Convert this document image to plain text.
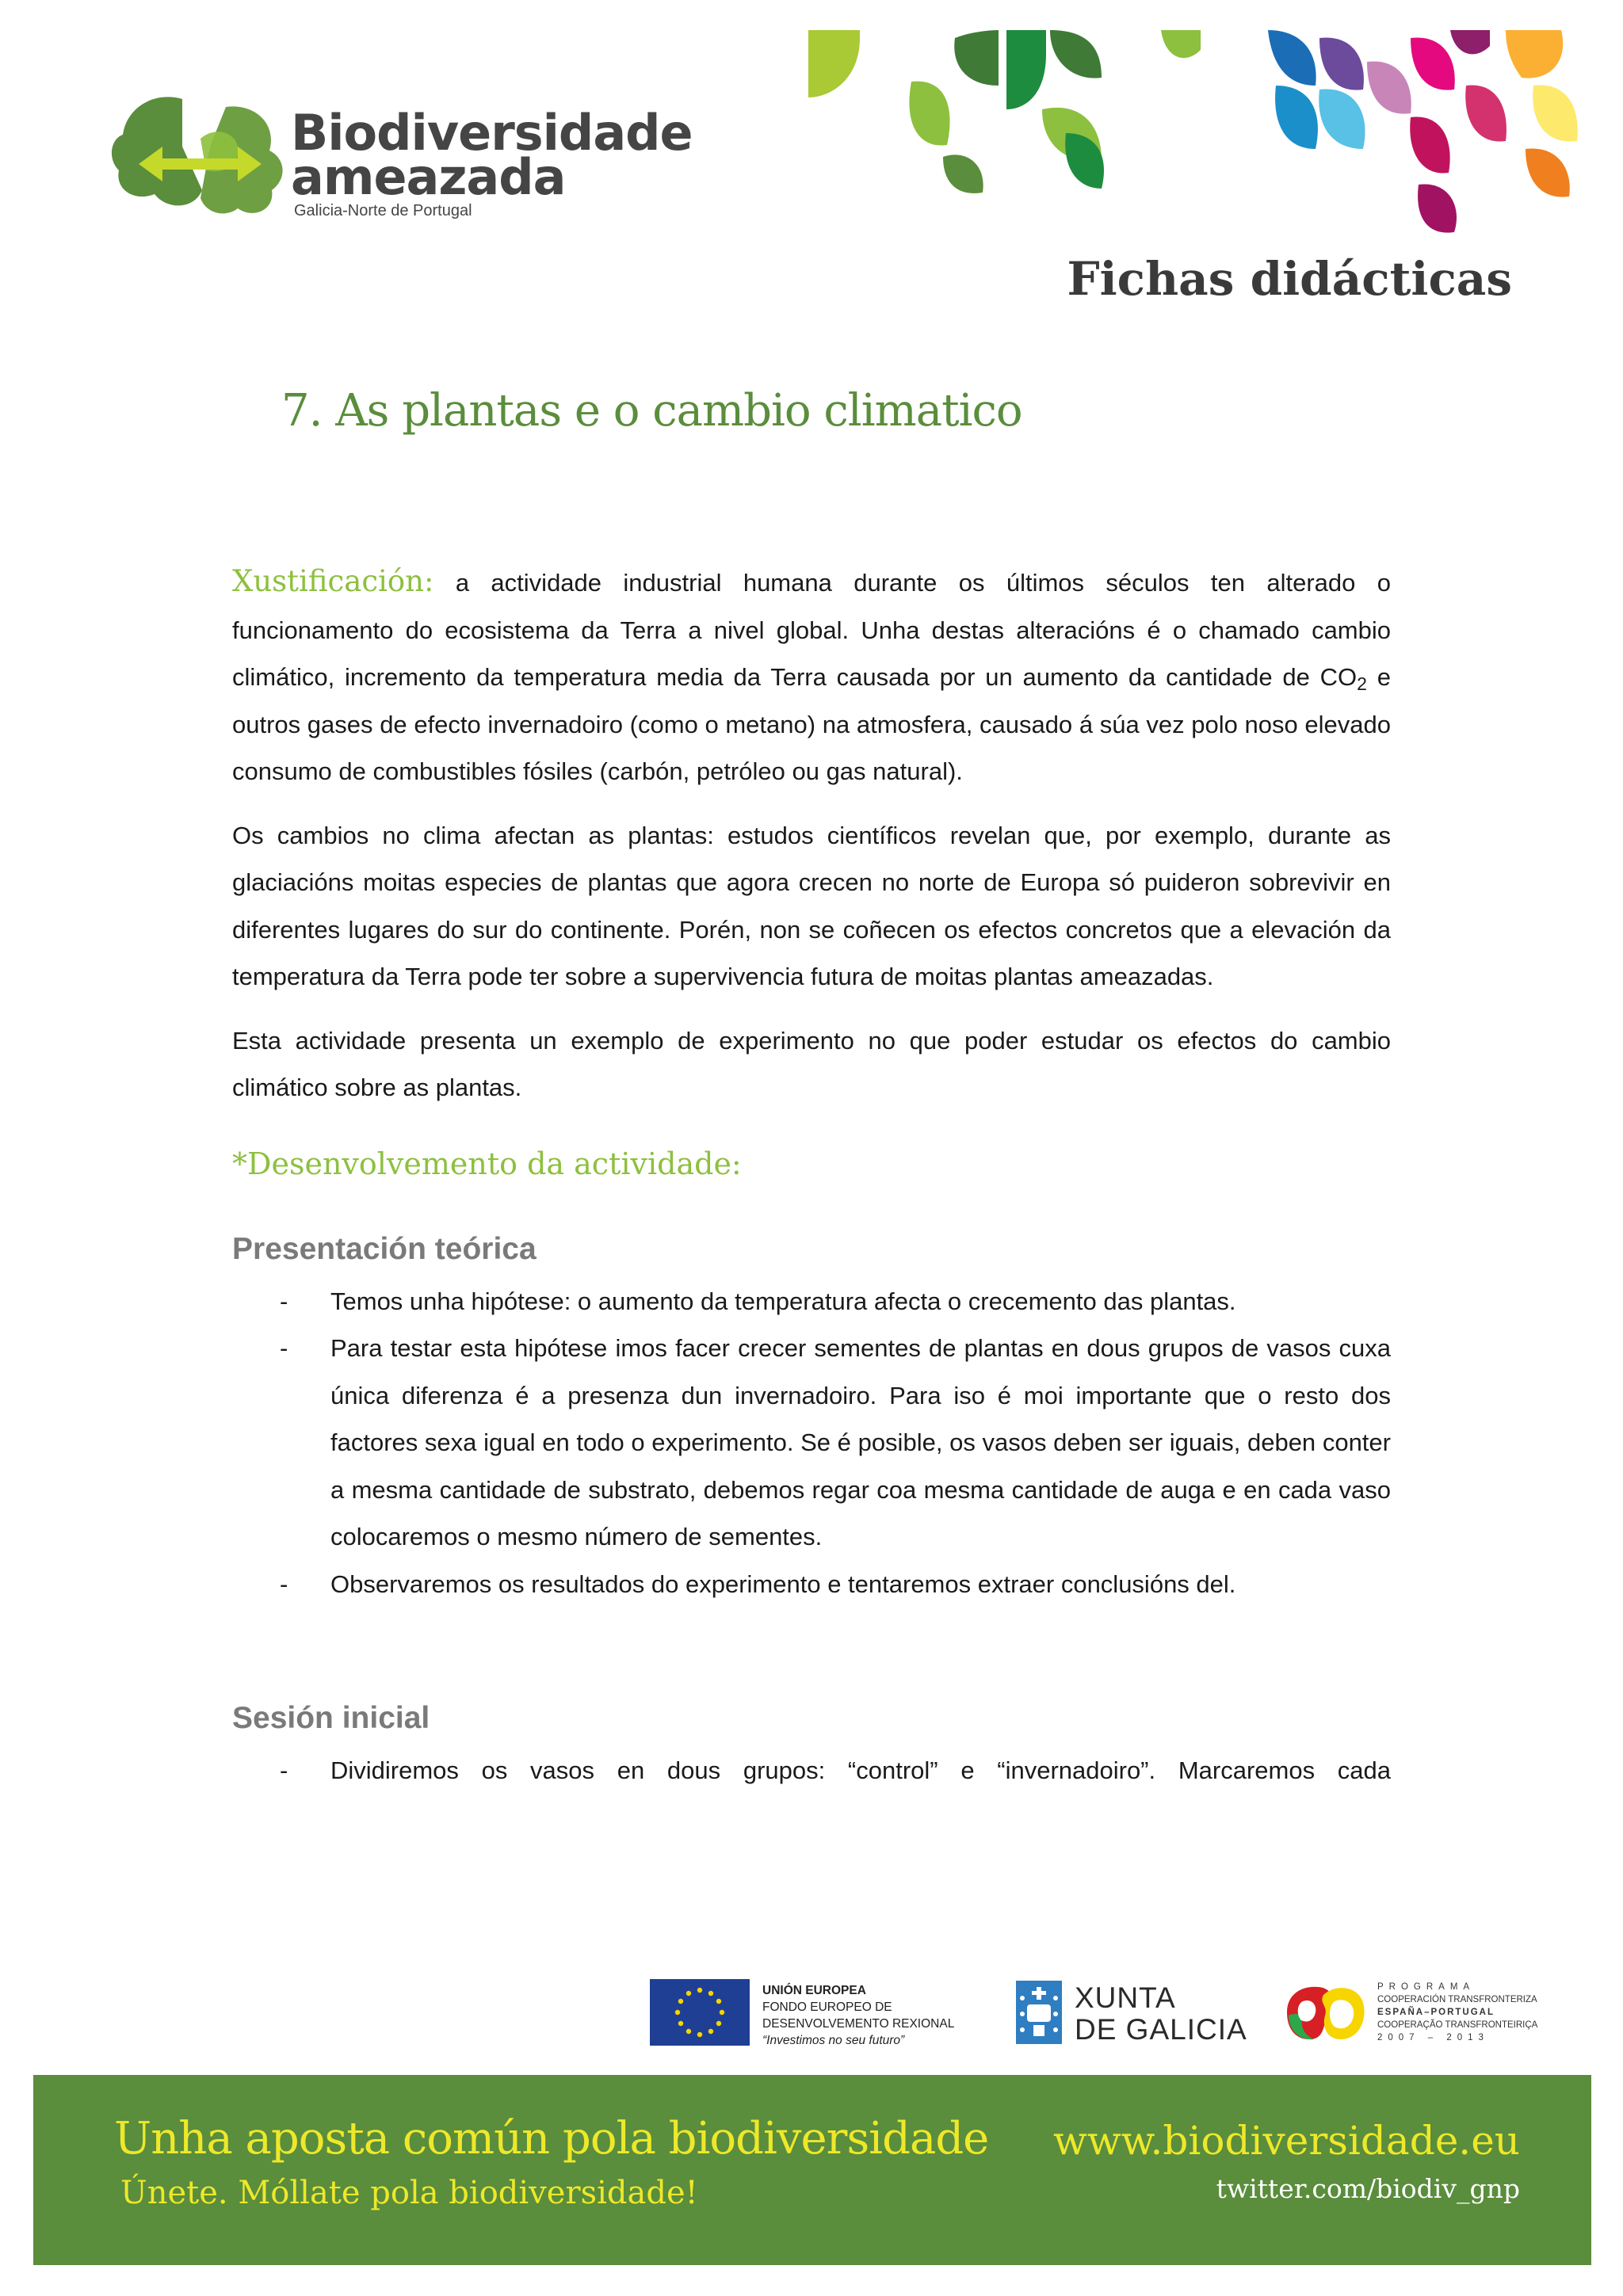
Biodiversidade
ameazada
Galicia-Norte de Portugal
Fichas didácticas
7. As plantas e o cambio climatico

Xustificación: a actividade industrial humana durante os últimos séculos ten alterado o funcionamento do ecosistema da Terra a nivel global. Unha destas alteracións é o chamado cambio climático, incremento da temperatura media da Terra causada por un aumento da cantidade de $CO_2$ e outros gases de efecto invernadoiro (como o metano) na atmosfera, causado á súa vez polo noso elevado consumo de combustibles fósiles (carbón, petróleo ou gas natural).

Os cambios no clima afectan as plantas: estudos científicos revelan que, por exemplo, durante as glaciacións moitas especies de plantas que agora crecen no norte de Europa só puideron sobrevivir en diferentes lugares do sur do continente. Porén, non se coñecen os efectos concretos que a elevación da temperatura da Terra pode ter sobre a supervivencia futura de moitas plantas ameazadas.

Esta actividade presenta un exemplo de experimento no que poder estudar os efectos do cambio climático sobre as plantas.

*Desenvolvemento da actividade:
Presentación teórica
- Temos unha hipótese: o aumento da temperatura afecta o crecemento das plantas.
- Para testar esta hipótese imos facer crecer sementes de plantas en dous grupos de vasos cuxa única diferenza é a presenza dun invernadoiro. Para iso é moi importante que o resto dos factores sexa igual en todo o experimento. Se é posible, os vasos deben ser iguais, deben conter a mesma cantidade de substrato, debemos regar coa mesma cantidade de auga e en cada vaso colocaremos o mesmo número de sementes.
- Observaremos os resultados do experimento e tentaremos extraer conclusións del.
Sesión inicial
- Dividiremos os vasos en dous grupos: “control” e “invernadoiro”. Marcaremos cada
UNIÓN EUROPEA
FONDO EUROPEO DE
DESENVOLVEMENTO REXIONAL
“Investimos no seu futuro”
XUNTA
DE GALICIA
PROGRAMA
COOPERACIÓN TRANSFRONTERIZA
ESPAÑA–PORTUGAL
COOPERAÇÃO TRANSFRONTEIRIÇA
2007 – 2013
Unha aposta común pola biodiversidade
Únete. Móllate pola biodiversidade!
www.biodiversidade.eu
twitter.com/biodiv_gnp
